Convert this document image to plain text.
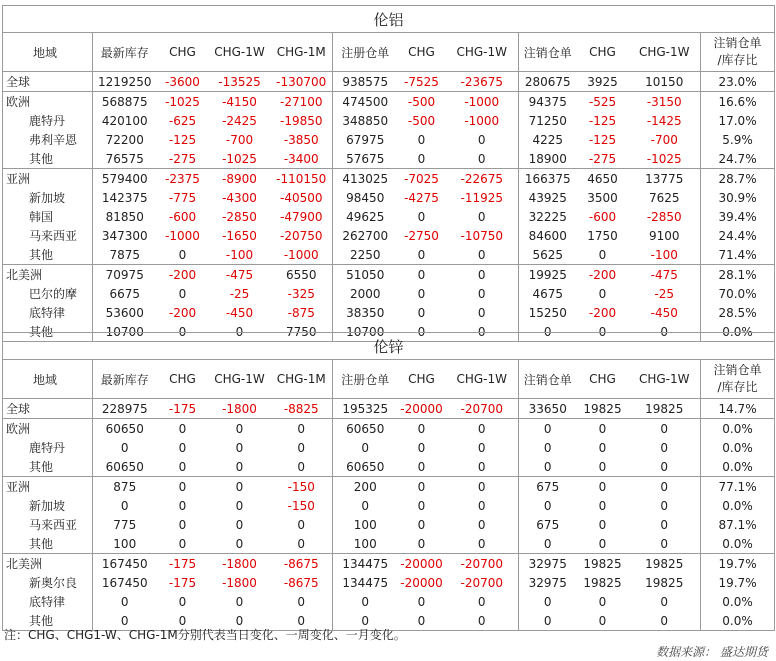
伦铝											
地域	最新库存	CHG	CHG-1W	CHG-1M	注册仓单	CHG	CHG-1W	注销仓单	CHG	CHG-1W	注销仓单
/库存比

全球	1219250	-3600	-13525	-130700	938575	-7525	-23675	280675	3925	10150	23.0%
欧洲	568875	-1025	-4150	-27100	474500	-500	-1000	94375	-525	-3150	16.6%
鹿特丹	420100	-625	-2425	-19850	348850	-500	-1000	71250	-125	-1425	17.0%
弗利辛恩	72200	-125	-700	-3850	67975	0	0	4225	-125	-700	5.9%
其他	76575	-275	-1025	-3400	57675	0	0	18900	-275	-1025	24.7%
亚洲	579400	-2375	-8900	-110150	413025	-7025	-22675	166375	4650	13775	28.7%
新加坡	142375	-775	-4300	-40500	98450	-4275	-11925	43925	3500	7625	30.9%
韩国	81850	-600	-2850	-47900	49625	0	0	32225	-600	-2850	39.4%
马来西亚	347300	-1000	-1650	-20750	262700	-2750	-10750	84600	1750	9100	24.4%
其他	7875	0	-100	-1000	2250	0	0	5625	0	-100	71.4%
北美洲	70975	-200	-475	6550	51050	0	0	19925	-200	-475	28.1%
巴尔的摩	6675	0	-25	-325	2000	0	0	4675	0	-25	70.0%
底特律	53600	-200	-450	-875	38350	0	0	15250	-200	-450	28.5%
其他	10700	0	0	7750	10700	0	0	0	0	0	0.0%
伦锌											
地域	最新库存	CHG	CHG-1W	CHG-1M	注册仓单	CHG	CHG-1W	注销仓单	CHG	CHG-1W	注销仓单
/库存比

全球	228975	-175	-1800	-8825	195325	-20000	-20700	33650	19825	19825	14.7%
欧洲	60650	0	0	0	60650	0	0	0	0	0	0.0%
鹿特丹	0	0	0	0	0	0	0	0	0	0	0.0%
其他	60650	0	0	0	60650	0	0	0	0	0	0.0%
亚洲	875	0	0	-150	200	0	0	675	0	0	77.1%
新加坡	0	0	0	-150	0	0	0	0	0	0	0.0%
马来西亚	775	0	0	0	100	0	0	675	0	0	87.1%
其他	100	0	0	0	100	0	0	0	0	0	0.0%
北美洲	167450	-175	-1800	-8675	134475	-20000	-20700	32975	19825	19825	19.7%
新奥尔良	167450	-175	-1800	-8675	134475	-20000	-20700	32975	19825	19825	19.7%
底特律	0	0	0	0	0	0	0	0	0	0	0.0%
其他	0	0	0	0	0	0	0	0	0	0	0.0%
注：CHG、CHG1-W、CHG-1M分别代表当日变化、一周变化、一月变化。
数据来源： 盛达期货
